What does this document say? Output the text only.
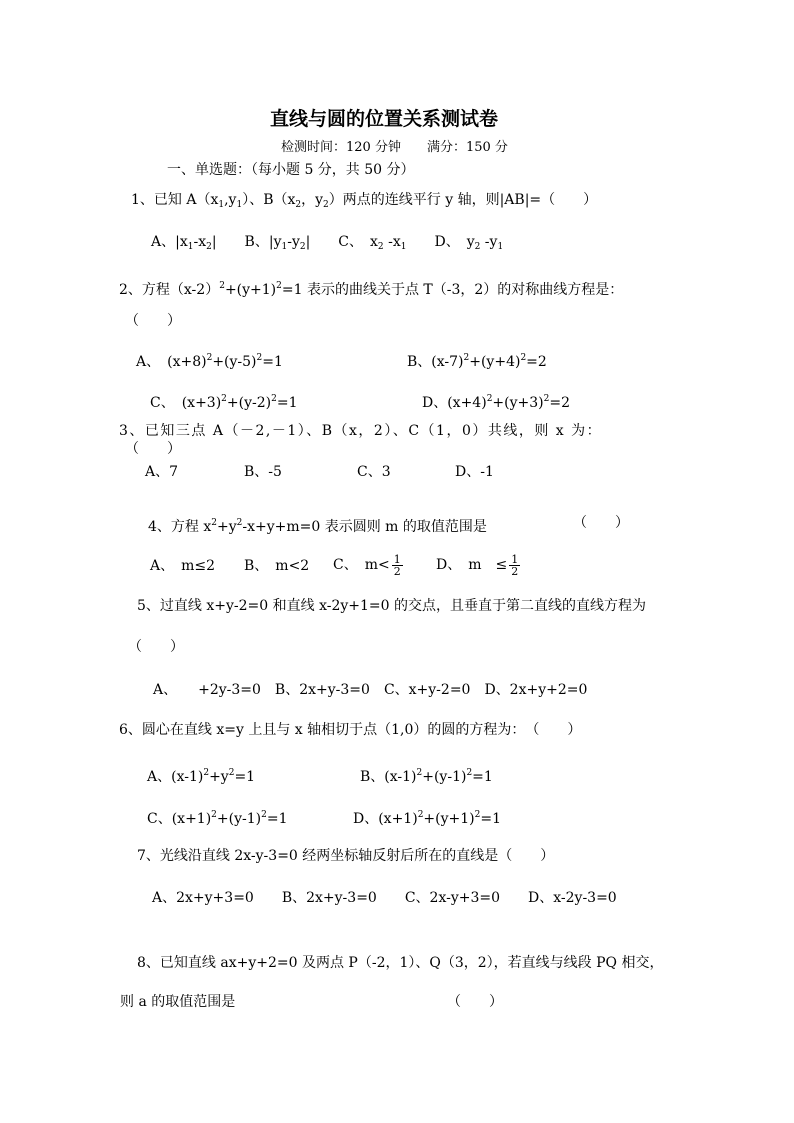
直线与圆的位置关系测试卷
检测时间：120 分钟　　满分：150 分
一、单选题：（每小题 5 分，共 50 分）
1、已知 $A(x_1,y_1)$、$B(x_2$，$y_2$）两点的连线平行 y 轴，则|AB|=（　　）
A、$|x_1-x_2|$　　B、$|y_1-y_2|$　　C、　$x_2$ $-x_1$　　D、　$y_2$ $-y_1$
2、方程$(x-2)^2+(y+1)^2=1$ 表示的曲线关于点 T（-3，2）的对称曲线方程是：
（　　）
A、　$(x+8)^2+(y-5)^2=1$	B、$(x-7)^2+(y+4)^2=2$
C、　$(x+3)^2+(y-2)^2=1$	D、$(x+4)^2+(y+3)^2=2$
3、已知三点 A（－2,－1）、B（x，2）、C（1，0）共线，则 x 为：
（　　）
A、7	B、-5	C、3	D、-1
4、方程 $x^2+y^2-x+y+m=0$ 表示圆则 m 的取值范围是	（　　）
A、　m≤2 B、　m<2 C、　$m< \frac{1}{2}$ D、　m　≤ $\frac{1}{2}$
5、过直线 x+y-2=0 和直线 x-2y+1=0 的交点，且垂直于第二直线的直线方程为
（　　）
A、　　+2y-3=0　B、2x+y-3=0　C、x+y-2=0　D、2x+y+2=0
6、圆心在直线 x=y 上且与 x 轴相切于点（1,0）的圆的方程为：　（　　）
A、$(x-1)^2+y^2=1$	B、$(x-1)^2+(y-1)^2=1$
C、$(x+1)^2+(y-1)^2=1$	D、$(x+1)^2+(y+1)^2=1$
7、光线沿直线 2x-y-3=0 经两坐标轴反射后所在的直线是（　　）
A、2x+y+3=0　　B、2x+y-3=0　　C、2x-y+3=0　　D、x-2y-3=0
8、已知直线 ax+y+2=0 及两点 P（-2，1）、Q（3，2），若直线与线段 PQ 相交，
则 a 的取值范围是	（　　）
